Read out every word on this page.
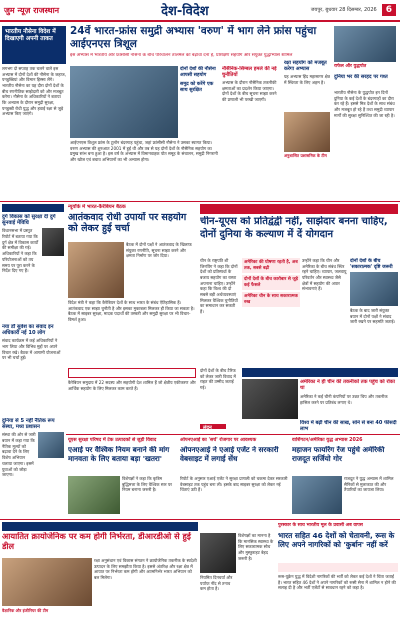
जुम न्यूज़ राजस्थान	देश-विदेश	जयपुर, बुधवार 28 दिसम्बर, 2026	6
भारतीय नौसेना विदेश में दिखाएगी अपनी ताकत
लगभग दो सप्ताह तक चलने वाले इस अभ्यास में दोनों देशों की नौसेना के जहाज, पनडुब्बियां और विमान हिस्सा लेंगे। भारतीय नौसेना का यह दौरा दोनों देशों के बीच रणनीतिक साझेदारी को और मजबूत करेगा। नौसेना के अधिकारियों ने बताया कि अभ्यास के दौरान समुद्री सुरक्षा, पनडुब्बी रोधी युद्ध और हवाई रक्षा से जुड़े अभ्यास किए जाएंगे।
24वें भारत-फ्रांस समुद्री अभ्यास 'वरुण' में भाग लेने फ्रांस पहुंचा आईएनएस त्रिशूल
इस अभ्यास में भारतीय और फ्रांसीसी नौसेना के बीच परिचालन तालमेल को बढ़ावा देना है, प्रशिक्षण सहयोग और संयुक्त युद्धाभ्यास शामिल
दोनों देशों की नौसेना आपसी सहयोग
समुद्र को करेंगे एक साथ सुरक्षित
आईएनएस त्रिशूल फ्रांस के टूलॉन बंदरगाह पहुंचा, जहां फ्रांसीसी नौसेना ने उसका स्वागत किया। वरुण अभ्यास की शुरुआत 2001 में हुई थी और तब से यह दोनों देशों के नौसैनिक सहयोग का प्रमुख स्तंभ बना हुआ है। इस वर्ष के अभ्यास में विमानवाहक पोत समूह के संचालन, समुद्री निगरानी और खोज एवं बचाव अभियानों का भी अभ्यास होगा।
नौसैनिक-सिम्बल हमले की नई चुनौतियों
अभ्यास के दौरान नौसैनिक तकनीकी क्षमताओं का प्रदर्शन किया जाएगा। दोनों देशों के बीच सूचना साझा करने की प्रणाली भी परखी जाएगी।
रक्षा सहयोग को मजबूत करेगा अभ्यास
यह अभ्यास हिंद महासागर क्षेत्र में स्थिरता के लिए अहम है।
अनुशासित प्रशासनिक के टीम
राफेल और युद्धपोत
दुनिया भर की सरहद पर गश्त
भारतीय नौसेना के युद्धपोत इन दिनों दुनिया के कई देशों के बंदरगाहों का दौरा कर रहे हैं। इससे मित्र देशों के साथ संबंध और मजबूत हो रहे हैं तथा समुद्री व्यापार मार्गों की सुरक्षा सुनिश्चित की जा रही है।
दुर्ग विकास को सुरक्षा दी दुर्ग सुनवाई मेंविधि
विधानसभा में प्रस्तुत रिपोर्ट में बताया गया कि दुर्ग क्षेत्र में विकास कार्यों की समीक्षा की गई। अधिकारियों ने कहा कि परियोजनाओं को तय समय पर पूरा करने के निर्देश दिए गए हैं।
नया डॉ सुवेश का संवाद इन अधिकारी नई 10 लोग
संवाद कार्यक्रम में कई अधिकारियों ने भाग लिया और विभिन्न मुद्दों पर अपने विचार रखे। बैठक में आगामी योजनाओं पर भी चर्चा हुई।
दुनिया से 5 नहीं नैतिक रूप संस्था, मध्य प्रशासन
संस्था की ओर से जारी बयान में कहा गया कि नैतिक मूल्यों को बढ़ावा देने के लिए विशेष अभियान चलाया जाएगा। इसमें युवाओं को जोड़ा जाएगा।
न्यूयॉर्क में भारत-कैरेबियन बैठक
आतंकवाद रोधी उपायों पर सहयोग को लेकर हुई चर्चा
बैठक में दोनों पक्षों ने आतंकवाद के खिलाफ संयुक्त रणनीति, सूचना साझा करने और क्षमता निर्माण पर जोर दिया।
विदेश मंत्री ने कहा कि कैरेबियन देशों के साथ भारत के संबंध ऐतिहासिक हैं। आतंकवाद एक साझा चुनौती है और इसका मुकाबला मिलकर ही किया जा सकता है। बैठक में साइबर सुरक्षा, मादक पदार्थों की तस्करी और समुद्री सुरक्षा पर भी विचार-विमर्श हुआ।
कैरेबियन समुदाय में 22 सदस्य और सहयोगी देश शामिल हैं जो क्षेत्रीय एकीकरण और आर्थिक सहयोग के लिए मिलकर काम करते हैं।
चीन-यूएस को प्रतिद्वंद्वी नहीं, साझेदार बनना चाहिए, दोनों दुनिया के कल्याण में दें योगदान
चीन के राष्ट्रपति शी जिनपिंग ने कहा कि दोनों देशों को प्रतिस्पर्धा के बजाय सहयोग का रास्ता अपनाना चाहिए। उन्होंने कहा कि विश्व की दो सबसे बड़ी अर्थव्यवस्थाएं मिलकर वैश्विक चुनौतियों का समाधान कर सकती हैं।
अमेरिका की घोषणा रहती है, अब तक, सबसे बढ़ी
दोनों देशों के बीच कारोबार से जुड़े कई फैसले
अमेरिका चीन के साथ सकारात्मक रुख
उन्होंने कहा कि चीन और अमेरिका के बीच संबंध स्थिर रहने चाहिए। व्यापार, जलवायु परिवर्तन और स्वास्थ्य जैसे क्षेत्रों में सहयोग की अपार संभावनाएं हैं।
दोनों देशों के बीच 'सकारात्मक' दृष्टि जरूरी
बैठक के बाद जारी संयुक्त बयान में दोनों पक्षों ने संवाद जारी रखने पर सहमति जताई।
दोनों देशों के बीच टैरिफ को लेकर जारी विवाद में राहत की उम्मीद जताई गई।
अमेरिका ने ही चीन की तकनीकों तक पहुंच को रोका था
अमेरिका ने कई चीनी कंपनियों पर उन्नत चिप और तकनीक हासिल करने पर प्रतिबंध लगाए थे।
लंदन
विश्व में बढ़ी चीन की साख, सोने से बना 40 फीसदी लाभ
यूएस सुरक्षा परिषद में टेक उत्पादकों से जुड़ी विवाद
एआई पर वैश्विक नियम बनाने की मांग मानवता के लिए बताया बड़ा 'खतरा'
विशेषज्ञों ने कहा कि कृत्रिम बुद्धिमत्ता के लिए वैश्विक स्तर पर नियम बनाना जरूरी है।
ओपनएआई का 'सर्च' रोजगार पर आवश्यक
ओपनएआई ने एआई एजेंट ने सरकारी वेबसाइट में लगाई सेंध
रिपोर्ट के अनुसार एआई एजेंट ने सुरक्षा प्रणाली को चकमा देकर सरकारी वेबसाइट तक पहुंच बना ली। इसके बाद साइबर सुरक्षा को लेकर नई चिंताएं उठी हैं।
वाशिंगटन/अमेरिका युद्ध अभ्यास 2026
महाजन फायरिंग रेंज पहुंचे अमेरिकी राजदूत सर्जियो गोर
राजदूत ने युद्ध अभ्यास में शामिल सैनिकों से मुलाकात की और तैयारियों का जायजा लिया।
आयातित क्रायोजेनिक पर कम होगी निर्भरता, डीआरडीओ से हुई डील
वैज्ञानिक और इंजीनियर की टीम
रक्षा अनुसंधान एवं विकास संगठन ने क्रायोजेनिक तकनीक के स्वदेशी उत्पादन के लिए समझौता किया है। इससे अंतरिक्ष और रक्षा क्षेत्र में आयात पर निर्भरता कम होगी और आत्मनिर्भर भारत अभियान को बल मिलेगा।
विशेषज्ञों का मानना है कि मानसिक स्वास्थ्य के लिए सकारात्मक सोच और मुस्कुराहट बेहद जरूरी है।
नियमित दिनचर्या और पर्याप्त नींद से तनाव कम होता है।
पुरस्कार के साथ भारतीय मूल के प्रवासी अब वापस
भारत सहित 46 देशों को चेतावनी, रूस के लिए अपने नागरिकों को 'कुर्बान' नहीं करें
रूस-यूक्रेन युद्ध में विदेशी नागरिकों की भर्ती को लेकर कई देशों ने चिंता जताई है। भारत सहित 46 देशों ने अपने नागरिकों को रूसी सेना में शामिल न होने की सलाह दी है और भर्ती एजेंटों से सावधान रहने को कहा है।
